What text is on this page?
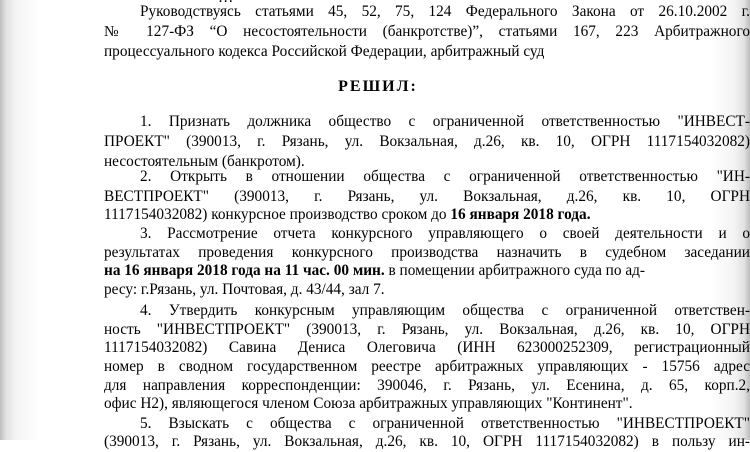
Руководствуясь статьями 45, 52, 75, 124 Федерального Закона от 26.10.2002 г.
№ 127-ФЗ “О несостоятельности (банкротстве)”, статьями 167, 223 Арбитражного
процессуального кодекса Российской Федерации, арбитражный суд
РЕШИЛ:
1. Признать должника общество с ограниченной ответственностью "ИНВЕСТ-
ПРОЕКТ" (390013, г. Рязань, ул. Вокзальная, д.26, кв. 10, ОГРН 1117154032082)
несостоятельным (банкротом).
2. Открыть в отношении общества с ограниченной ответственностью "ИН-
ВЕСТПРОЕКТ" (390013, г. Рязань, ул. Вокзальная, д.26, кв. 10, ОГРН
1117154032082) конкурсное производство сроком до 16 января 2018 года.
3. Рассмотрение отчета конкурсного управляющего о своей деятельности и о
результатах проведения конкурсного производства назначить в судебном заседании
на 16 января 2018 года на 11 час. 00 мин. в помещении арбитражного суда по ад-
ресу: г.Рязань, ул. Почтовая, д. 43/44, зал 7.
4. Утвердить конкурсным управляющим общества с ограниченной ответствен-
ность "ИНВЕСТПРОЕКТ" (390013, г. Рязань, ул. Вокзальная, д.26, кв. 10, ОГРН
1117154032082) Савина Дениса Олеговича (ИНН 623000252309, регистрационный
номер в сводном государственном реестре арбитражных управляющих - 15756 адрес
для направления корреспонденции: 390046, г. Рязань, ул. Есенина, д. 65, корп.2,
офис Н2), являющегося членом Союза арбитражных управляющих "Континент".
5. Взыскать с общества с ограниченной ответственностью "ИНВЕСТПРОЕКТ"
(390013, г. Рязань, ул. Вокзальная, д.26, кв. 10, ОГРН 1117154032082) в пользу ин-
